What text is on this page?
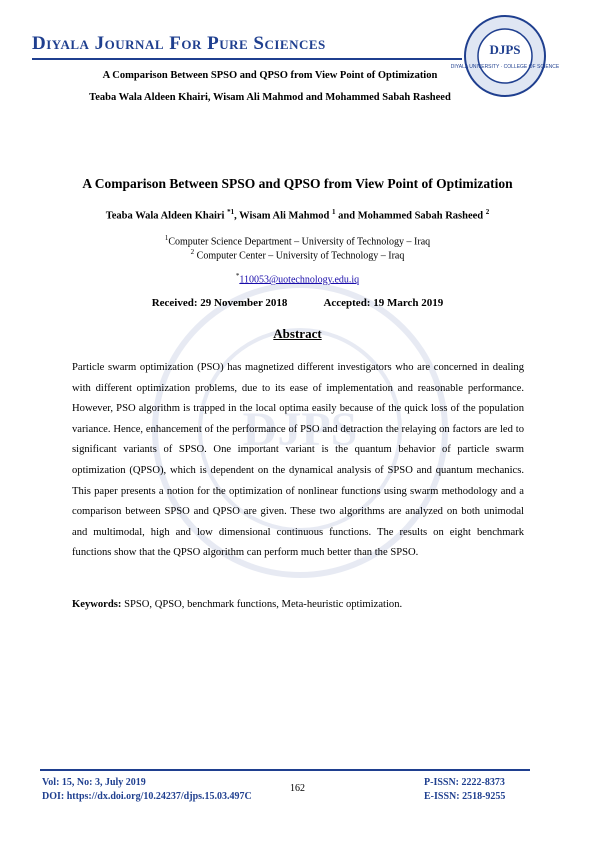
Diyala Journal For Pure Sciences	DJPS
DIYALA UNIVERSITY · COLLEGE OF SCIENCE
A Comparison Between SPSO and QPSO from View Point of Optimization
Teaba Wala Aldeen Khairi, Wisam Ali Mahmod and Mohammed Sabah Rasheed
DJPS
A Comparison Between SPSO and QPSO from View Point of Optimization
Teaba Wala Aldeen Khairi $^{*1}$, Wisam Ali Mahmod $^1$ and Mohammed Sabah Rasheed $^2$
$^1$Computer Science Department – University of Technology – Iraq
$^2$ Computer Center – University of Technology – Iraq
*110053@uotechnology.edu.iq
Received: 29 November 2018	Accepted: 19 March 2019
Abstract
Particle swarm optimization (PSO) has magnetized different investigators who are concerned in dealing with different optimization problems, due to its ease of implementation and reasonable performance. However, PSO algorithm is trapped in the local optima easily because of the quick loss of the population variance. Hence, enhancement of the performance of PSO and detraction the relaying on factors are led to significant variants of SPSO. One important variant is the quantum behavior of particle swarm optimization (QPSO), which is dependent on the dynamical analysis of SPSO and quantum mechanics. This paper presents a notion for the optimization of nonlinear functions using swarm methodology and a comparison between SPSO and QPSO are given. These two algorithms are analyzed on both unimodal and multimodal, high and low dimensional continuous functions. The results on eight benchmark functions show that the QPSO algorithm can perform much better than the SPSO.
Keywords: SPSO, QPSO, benchmark functions, Meta-heuristic optimization.
Vol: 15, No: 3, July 2019
DOI: https://dx.doi.org/10.24237/djps.15.03.497C
162
P-ISSN: 2222-8373
E-ISSN: 2518-9255
